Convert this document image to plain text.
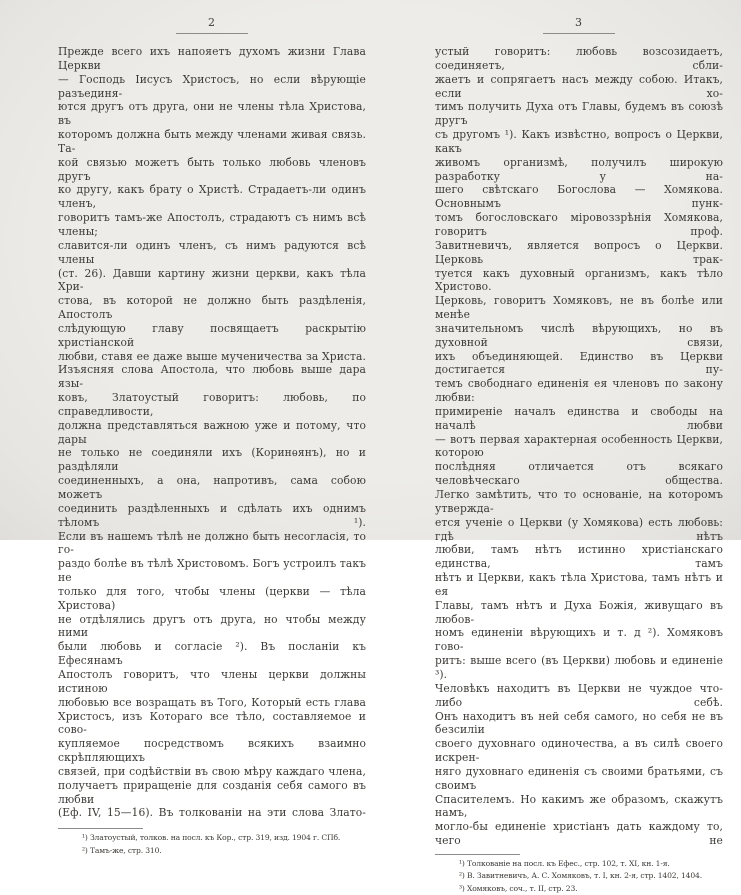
2
Прежде всего ихъ напояетъ духомъ жизни Глава Церкви
— Господь Іисусъ Христосъ, но если вѣрующіе разъединя-
ются другъ отъ друга, они не члены тѣла Христова, въ
которомъ должна быть между членами живая связь. Та-
кой связью можетъ быть только любовь членовъ другъ
ко другу, какъ брату о Христѣ. Страдаетъ-ли одинъ членъ,
говоритъ тамъ-же Апостолъ, страдаютъ съ нимъ всѣ члены;
славится-ли одинъ членъ, съ нимъ радуются всѣ члены
(ст. 26). Давши картину жизни церкви, какъ тѣла Хри-
стова, въ которой не должно быть раздѣленія, Апостолъ
слѣдующую главу посвящаетъ раскрытію христіанской
любви, ставя ее даже выше мученичества за Христа.
Изъясняя слова Апостола, что любовь выше дара язы-
ковъ, Златоустый говоритъ: любовь, по справедливости,
должна представляться важною уже и потому, что дары
не только не соединяли ихъ (Коринѳянъ), но и раздѣляли
соединенныхъ, а она, напротивъ, сама собою можетъ
соединить раздѣленныхъ и сдѣлать ихъ однимъ тѣломъ ¹).
Если въ нашемъ тѣлѣ не должно быть несогласія, то го-
раздо болѣе въ тѣлѣ Христовомъ. Богъ устроилъ такъ не
только для того, чтобы члены (церкви — тѣла Христова)
не отдѣлялись другъ отъ друга, но чтобы между ними
были любовь и согласіе ²). Въ посланіи къ Ефесянамъ
Апостолъ говоритъ, что члены церкви должны истиною
любовью все возращать въ Того, Который есть глава
Христосъ, изъ Котораго все тѣло, составляемое и сово-
купляемое посредствомъ всякихъ взаимно скрѣпляющихъ
связей, при содѣйствіи въ свою мѣру каждаго члена,
получаетъ приращеніе для созданія себя самого въ любви
(Еф. IV, 15—16). Въ толкованіи на эти слова Злато-
¹) Златоустый, толков. на посл. къ Кор., стр. 319, изд. 1904 г. СПб.
²) Тамъ-же, стр. 310.
3
устый говоритъ: любовь возсозидаетъ, соединяетъ, сбли-
жаетъ и сопрягаетъ насъ между собою. Итакъ, если хо-
тимъ получить Духа отъ Главы, будемъ въ союзѣ другъ
съ другомъ ¹). Какъ извѣстно, вопросъ о Церкви, какъ
живомъ организмѣ, получилъ широкую разработку у на-
шего свѣтскаго Богослова — Хомякова. Основнымъ пунк-
томъ богословскаго міровоззрѣнія Хомякова, говоритъ проф.
Завитневичъ, является вопросъ о Церкви. Церковь трак-
туется какъ духовный организмъ, какъ тѣло Христово.
Церковь, говоритъ Хомяковъ, не въ болѣе или менѣе
значительномъ числѣ вѣрующихъ, но въ духовной связи,
ихъ объединяющей. Единство въ Церкви достигается пу-
темъ свободнаго единенія ея членовъ по закону любви:
примиреніе началъ единства и свободы на началѣ любви
— вотъ первая характерная особенность Церкви, которою
послѣдняя отличается отъ всякаго человѣческаго общества.
Легко замѣтить, что то основаніе, на которомъ утвержда-
ется ученіе о Церкви (у Хомякова) есть любовь: гдѣ нѣтъ
любви, тамъ нѣтъ истинно христіанскаго единства, тамъ
нѣтъ и Церкви, какъ тѣла Христова, тамъ нѣтъ и ея
Главы, тамъ нѣтъ и Духа Божія, живущаго въ любов-
номъ единеніи вѣрующихъ и т. д ²). Хомяковъ гово-
ритъ: выше всего (въ Церкви) любовь и единеніе ³).
Человѣкъ находитъ въ Церкви не чуждое что-либо себѣ.
Онъ находитъ въ ней себя самого, но себя не въ безсиліи
своего духовнаго одиночества, а въ силѣ своего искрен-
няго духовнаго единенія съ своими братьями, съ своимъ
Спасителемъ. Но какимъ же образомъ, скажутъ намъ,
могло-бы единеніе христіанъ дать каждому то, чего не
¹) Толкованіе на посл. къ Ефес., стр. 102, т. XI, кн. 1-я.
²) В. Завитневичъ, А. С. Хомяковъ, т. I, кн. 2-я, стр. 1402, 1404.
³) Хомяковъ, соч., т. II, стр. 23.
